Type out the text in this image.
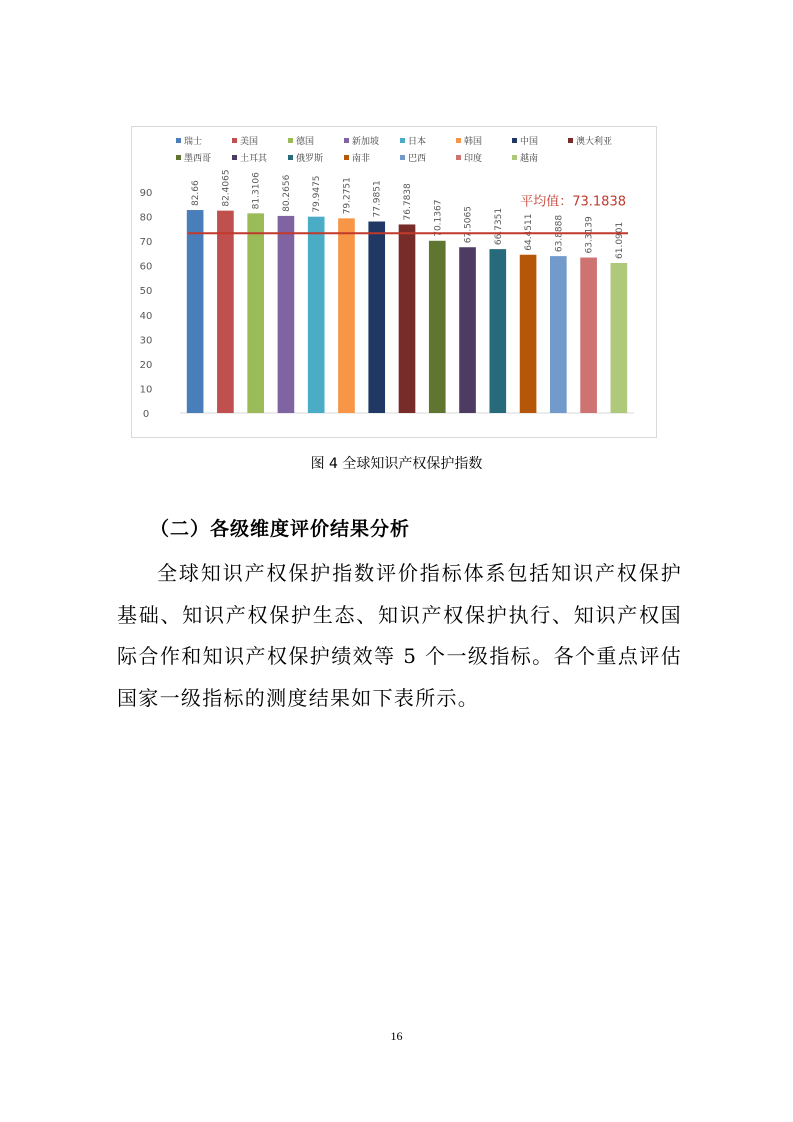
瑞士	美国	德国	新加坡	日本	韩国	中国	澳大利亚
墨西哥	土耳其	俄罗斯	南非	巴西	印度	越南
0
10
20
30
40
50
60
70
80
90	82.66 82.4065 81.3106 80.2656 79.9475 79.2751 77.9851 76.7838 70.1367 67.5065 66.7351 64.4511 63.8888 63.3139 61.0901
平均值：73.1838
图 4 全球知识产权保护指数
（二）各级维度评价结果分析
全球知识产权保护指数评价指标体系包括知识产权保护基础、知识产权保护生态、知识产权保护执行、知识产权国际合作和知识产权保护绩效等 5 个一级指标。各个重点评估国家一级指标的测度结果如下表所示。
16
